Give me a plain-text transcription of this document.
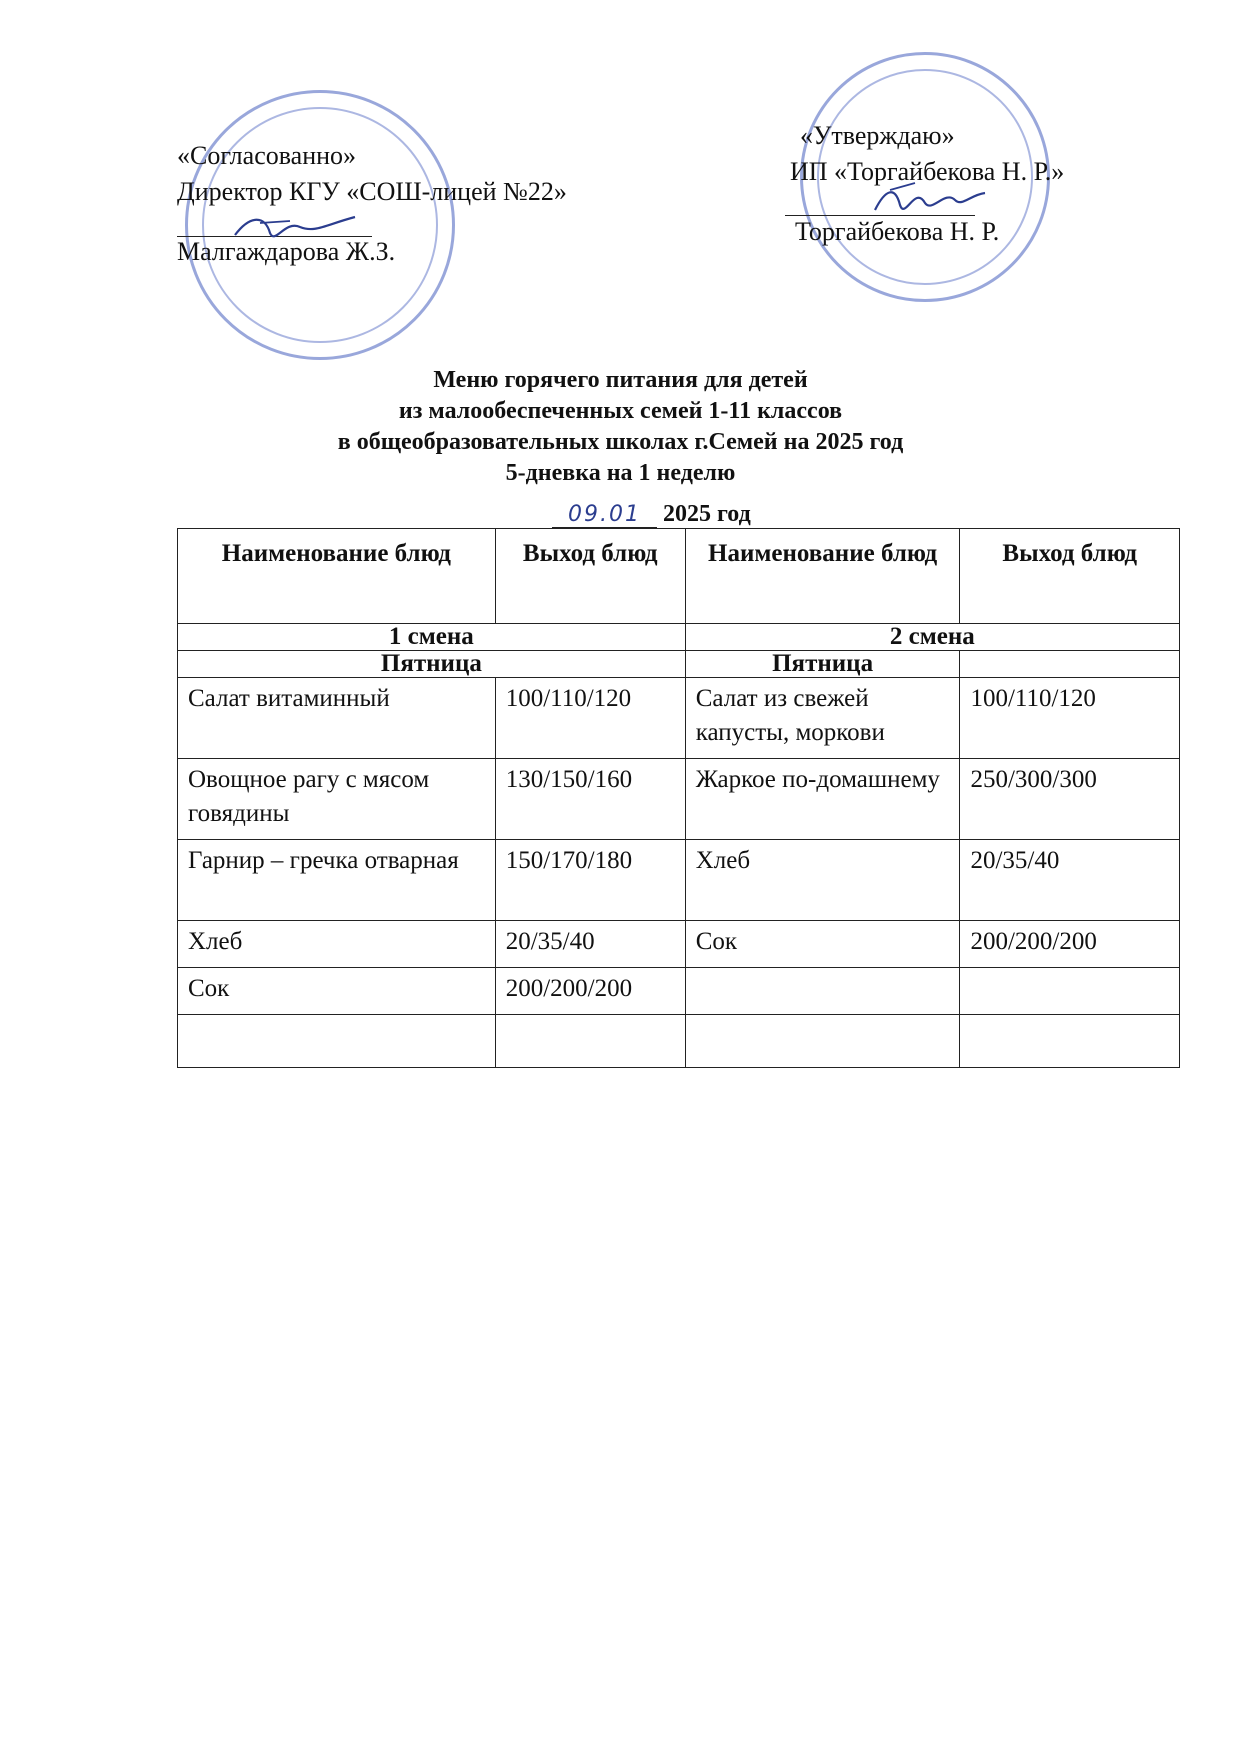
«Согласованно»
Директор КГУ «СОШ-лицей №22»
Малгаждарова Ж.З.
«Утверждаю»
ИП «Торгайбекова Н. Р.»
Торгайбекова Н. Р.
Меню горячего питания для детей
из малообеспеченных семей 1-11 классов
в общеобразовательных школах г.Семей на 2025 год
5-дневка на 1 неделю
09.01 2025 год
Наименование блюд	Выход блюд	Наименование блюд	Выход блюд
1 смена		2 смена	
Пятница		Пятница	
Салат витаминный	100/110/120	Салат из свежей капусты, моркови	100/110/120
Овощное рагу с мясом говядины	130/150/160	Жаркое по-домашнему	250/300/300
Гарнир – гречка отварная	150/170/180	Хлеб	20/35/40
Хлеб	20/35/40	Сок	200/200/200
Сок	200/200/200		
